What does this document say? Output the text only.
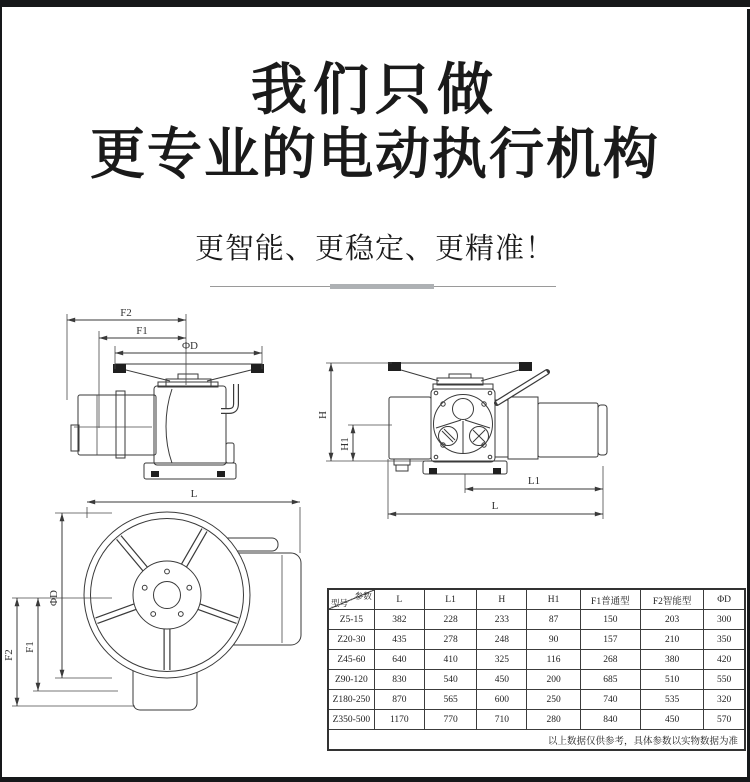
我们只做
更专业的电动执行机构
更智能、更稳定、更精准！
F2
F1
ΦD
H
H1
L1
L
L
ΦD
F1
F2
参数
型号	L	L1	H	H1	F1普通型	F2智能型	ΦD
Z5-15	382	228	233	87	150	203	300
Z20-30	435	278	248	90	157	210	350
Z45-60	640	410	325	116	268	380	420
Z90-120	830	540	450	200	685	510	550
Z180-250	870	565	600	250	740	535	320
Z350-500	1170	770	710	280	840	450	570
以上数据仅供参考，具体参数以实物数据为准							
